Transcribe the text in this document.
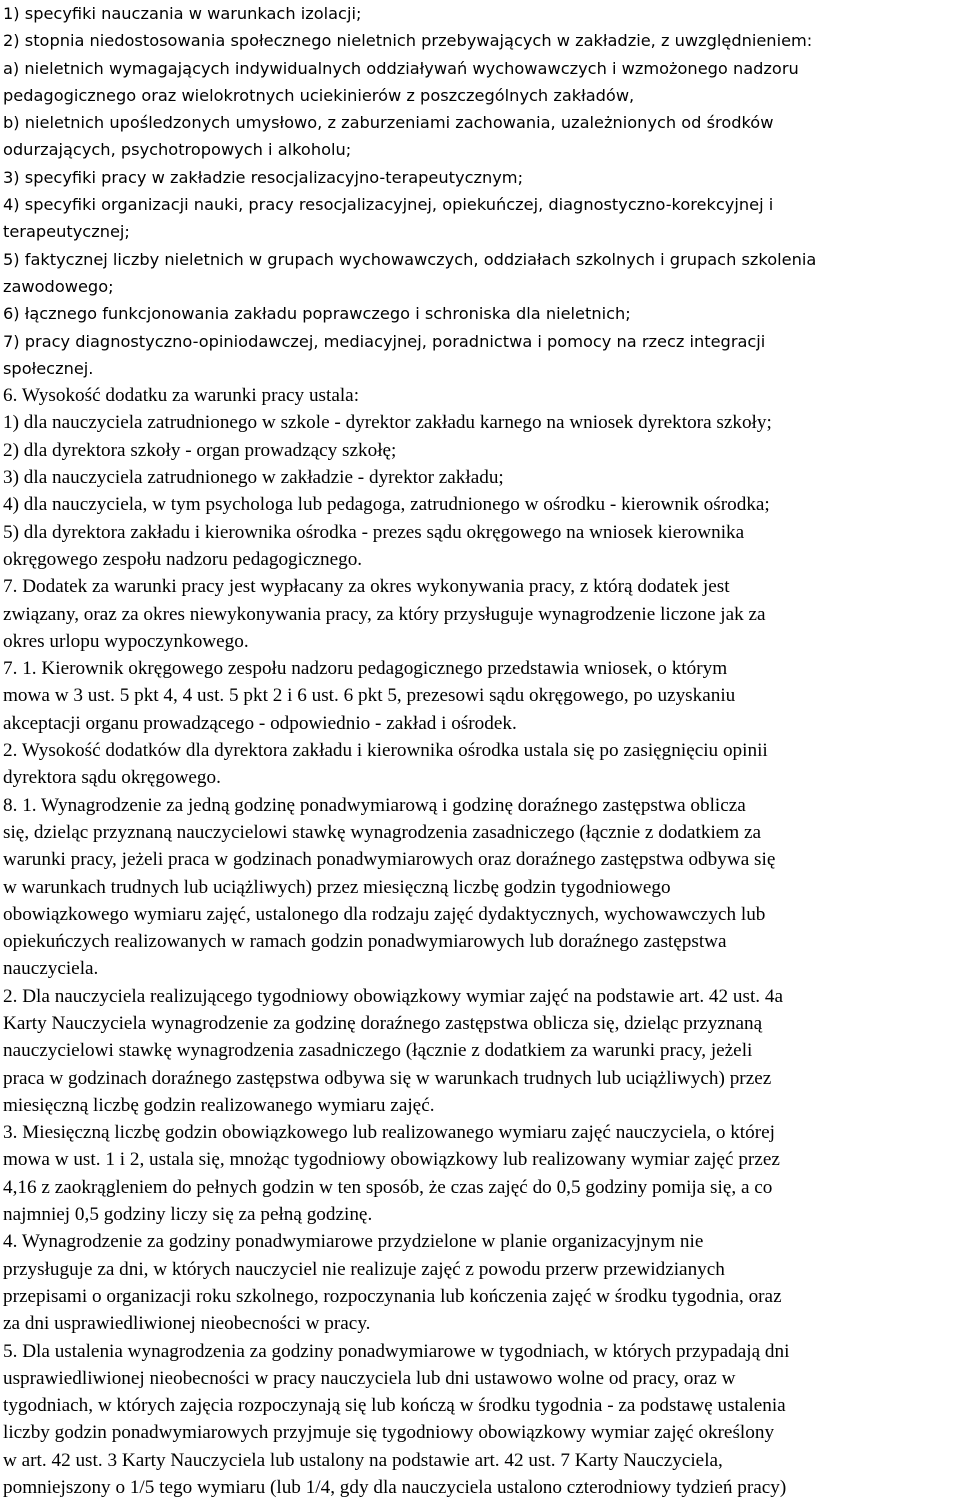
1) specyfiki nauczania w warunkach izolacji;
2) stopnia niedostosowania społecznego nieletnich przebywających w zakładzie, z uwzględnieniem:
a) nieletnich wymagających indywidualnych oddziaływań wychowawczych i wzmożonego nadzoru
pedagogicznego oraz wielokrotnych uciekinierów z poszczególnych zakładów,
b) nieletnich upośledzonych umysłowo, z zaburzeniami zachowania, uzależnionych od środków
odurzających, psychotropowych i alkoholu;
3) specyfiki pracy w zakładzie resocjalizacyjno-terapeutycznym;
4) specyfiki organizacji nauki, pracy resocjalizacyjnej, opiekuńczej, diagnostyczno-korekcyjnej i
terapeutycznej;
5) faktycznej liczby nieletnich w grupach wychowawczych, oddziałach szkolnych i grupach szkolenia
zawodowego;
6) łącznego funkcjonowania zakładu poprawczego i schroniska dla nieletnich;
7) pracy diagnostyczno-opiniodawczej, mediacyjnej, poradnictwa i pomocy na rzecz integracji
społecznej.
6. Wysokość dodatku za warunki pracy ustala:
1) dla nauczyciela zatrudnionego w szkole - dyrektor zakładu karnego na wniosek dyrektora szkoły;
2) dla dyrektora szkoły - organ prowadzący szkołę;
3) dla nauczyciela zatrudnionego w zakładzie - dyrektor zakładu;
4) dla nauczyciela, w tym psychologa lub pedagoga, zatrudnionego w ośrodku - kierownik ośrodka;
5) dla dyrektora zakładu i kierownika ośrodka - prezes sądu okręgowego na wniosek kierownika
okręgowego zespołu nadzoru pedagogicznego.
7. Dodatek za warunki pracy jest wypłacany za okres wykonywania pracy, z którą dodatek jest
związany, oraz za okres niewykonywania pracy, za który przysługuje wynagrodzenie liczone jak za
okres urlopu wypoczynkowego.
7. 1. Kierownik okręgowego zespołu nadzoru pedagogicznego przedstawia wniosek, o którym
mowa w 3 ust. 5 pkt 4, 4 ust. 5 pkt 2 i 6 ust. 6 pkt 5, prezesowi sądu okręgowego, po uzyskaniu
akceptacji organu prowadzącego - odpowiednio - zakład i ośrodek.
2. Wysokość dodatków dla dyrektora zakładu i kierownika ośrodka ustala się po zasięgnięciu opinii
dyrektora sądu okręgowego.
8. 1. Wynagrodzenie za jedną godzinę ponadwymiarową i godzinę doraźnego zastępstwa oblicza
się, dzieląc przyznaną nauczycielowi stawkę wynagrodzenia zasadniczego (łącznie z dodatkiem za
warunki pracy, jeżeli praca w godzinach ponadwymiarowych oraz doraźnego zastępstwa odbywa się
w warunkach trudnych lub uciążliwych) przez miesięczną liczbę godzin tygodniowego
obowiązkowego wymiaru zajęć, ustalonego dla rodzaju zajęć dydaktycznych, wychowawczych lub
opiekuńczych realizowanych w ramach godzin ponadwymiarowych lub doraźnego zastępstwa
nauczyciela.
2. Dla nauczyciela realizującego tygodniowy obowiązkowy wymiar zajęć na podstawie art. 42 ust. 4a
Karty Nauczyciela wynagrodzenie za godzinę doraźnego zastępstwa oblicza się, dzieląc przyznaną
nauczycielowi stawkę wynagrodzenia zasadniczego (łącznie z dodatkiem za warunki pracy, jeżeli
praca w godzinach doraźnego zastępstwa odbywa się w warunkach trudnych lub uciążliwych) przez
miesięczną liczbę godzin realizowanego wymiaru zajęć.
3. Miesięczną liczbę godzin obowiązkowego lub realizowanego wymiaru zajęć nauczyciela, o której
mowa w ust. 1 i 2, ustala się, mnożąc tygodniowy obowiązkowy lub realizowany wymiar zajęć przez
4,16 z zaokrągleniem do pełnych godzin w ten sposób, że czas zajęć do 0,5 godziny pomija się, a co
najmniej 0,5 godziny liczy się za pełną godzinę.
4. Wynagrodzenie za godziny ponadwymiarowe przydzielone w planie organizacyjnym nie
przysługuje za dni, w których nauczyciel nie realizuje zajęć z powodu przerw przewidzianych
przepisami o organizacji roku szkolnego, rozpoczynania lub kończenia zajęć w środku tygodnia, oraz
za dni usprawiedliwionej nieobecności w pracy.
5. Dla ustalenia wynagrodzenia za godziny ponadwymiarowe w tygodniach, w których przypadają dni
usprawiedliwionej nieobecności w pracy nauczyciela lub dni ustawowo wolne od pracy, oraz w
tygodniach, w których zajęcia rozpoczynają się lub kończą w środku tygodnia - za podstawę ustalenia
liczby godzin ponadwymiarowych przyjmuje się tygodniowy obowiązkowy wymiar zajęć określony
w art. 42 ust. 3 Karty Nauczyciela lub ustalony na podstawie art. 42 ust. 7 Karty Nauczyciela,
pomniejszony o 1/5 tego wymiaru (lub 1/4, gdy dla nauczyciela ustalono czterodniowy tydzień pracy)
